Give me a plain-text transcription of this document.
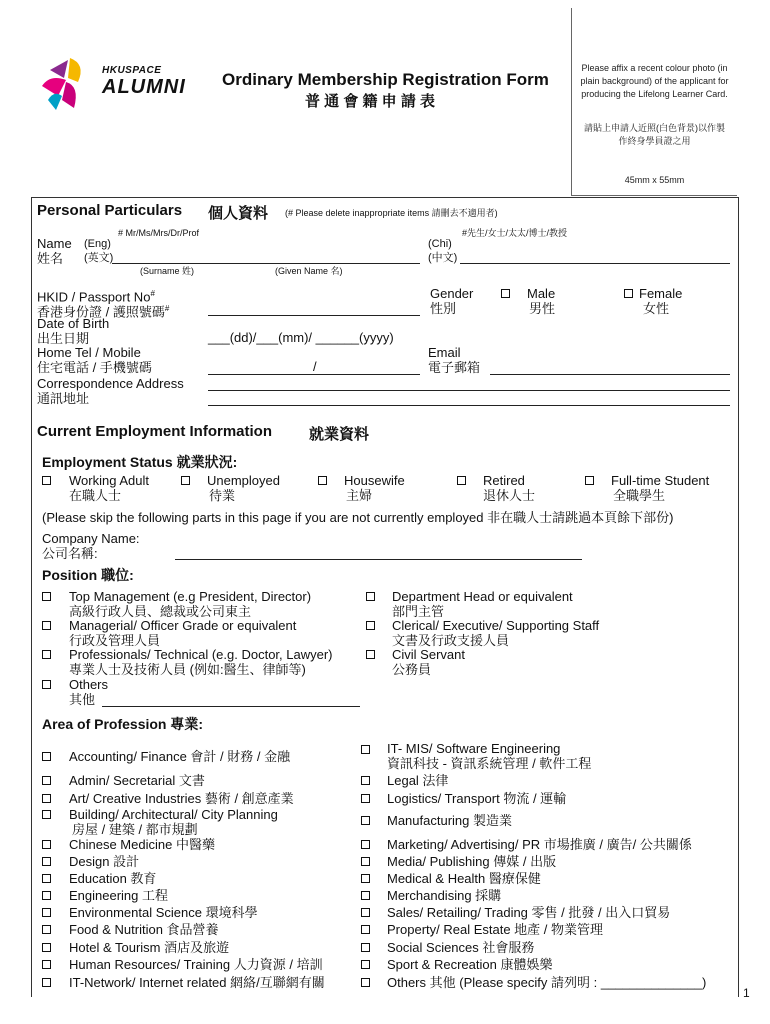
HKUSPACE
ALUMNI Ordinary Membership Registration Form
普 通 會 籍 申 請 表
Please affix a recent colour photo (in plain background) of the applicant for producing the Lifelong Learner Card.
請貼上申請人近照(白色背景)以作製作終身學員證之用
45mm x 55mm
Personal Particulars 個人資料 (# Please delete inappropriate items 請刪去不適用者)
# Mr/Ms/Mrs/Dr/Prof	#先生/女士/太太/博士/教授
Name (Eng)
姓名 (英文)
(Chi)
(中文)
(Surname 姓)	(Given Name 名)
HKID / Passport No#
香港身份證 / 護照號碼#
Gender
性別
Male
男性
Female
女性
Date of Birth
出生日期	___(dd)/___(mm)/ ______(yyyy)
Home Tel / Mobile
住宅電話 / 手機號碼	/
Email
電子郵箱
Correspondence Address
通訊地址
Current Employment Information 就業資料
Employment Status 就業狀況:
Working Adult
在職人士
Unemployed
待業
Housewife
主婦
Retired
退休人士
Full-time Student
全職學生
(Please skip the following parts in this page if you are not currently employed 非在職人士請跳過本頁餘下部份)
Company Name:
公司名稱:
Position 職位:
Top Management (e.g President, Director)
高級行政人員、總裁或公司東主
Managerial/ Officer Grade or equivalent
行政及管理人員
Professionals/ Technical (e.g. Doctor, Lawyer)
專業人士及技術人員 (例如:醫生、律師等)
Others
其他
Department Head or equivalent
部門主管
Clerical/ Executive/ Supporting Staff
文書及行政支援人員
Civil Servant
公務員
Area of Profession 專業:
Accounting/ Finance 會計 / 財務 / 金融
Admin/ Secretarial 文書
Art/ Creative Industries 藝術 / 創意產業
Building/ Architectural/ City Planning
房屋 / 建築 / 都市規劃
Chinese Medicine 中醫藥
Design 設計
Education 教育
Engineering 工程
Environmental Science 環境科學
Food & Nutrition 食品營養
Hotel & Tourism 酒店及旅遊
Human Resources/ Training 人力資源 / 培訓
IT-Network/ Internet related 網絡/互聯網有關
IT- MIS/ Software Engineering
資訊科技 - 資訊系統管理 / 軟件工程
Legal 法律
Logistics/ Transport 物流 / 運輸
Manufacturing 製造業
Marketing/ Advertising/ PR 市場推廣 / 廣告/ 公共關係
Media/ Publishing 傳媒 / 出版
Medical & Health 醫療保健
Merchandising 採購
Sales/ Retailing/ Trading 零售 / 批發 / 出入口貿易
Property/ Real Estate 地產 / 物業管理
Social Sciences 社會服務
Sport & Recreation 康體娛樂
Others 其他 (Please specify 請列明 : ______________)
1
